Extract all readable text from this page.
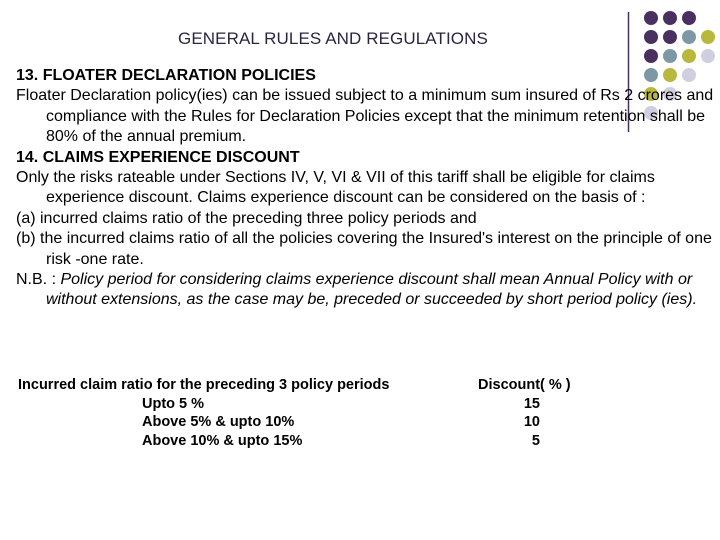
GENERAL RULES AND REGULATIONS

13. FLOATER DECLARATION POLICIES

Floater Declaration policy(ies) can be issued subject to a minimum sum insured of Rs 2 crores and compliance with the Rules for Declaration Policies except that the minimum retention shall be 80% of the annual premium.

14. CLAIMS EXPERIENCE DISCOUNT

Only the risks rateable under Sections IV, V, VI & VII of this tariff shall be eligible for claims experience discount. Claims experience discount can be considered on the basis of :

(a) incurred claims ratio of the preceding three policy periods and

(b) the incurred claims ratio of all the policies covering the Insured's interest on the principle of one risk -one rate.

N.B. : Policy period for considering claims experience discount shall mean Annual Policy with or without extensions, as the case may be, preceded or succeeded by short period policy (ies).

Incurred claim ratio for the preceding 3 policy periods	Discount( % )
Upto 5 %	15
Above 5% & upto 10%	10
Above 10% & upto 15%	5
